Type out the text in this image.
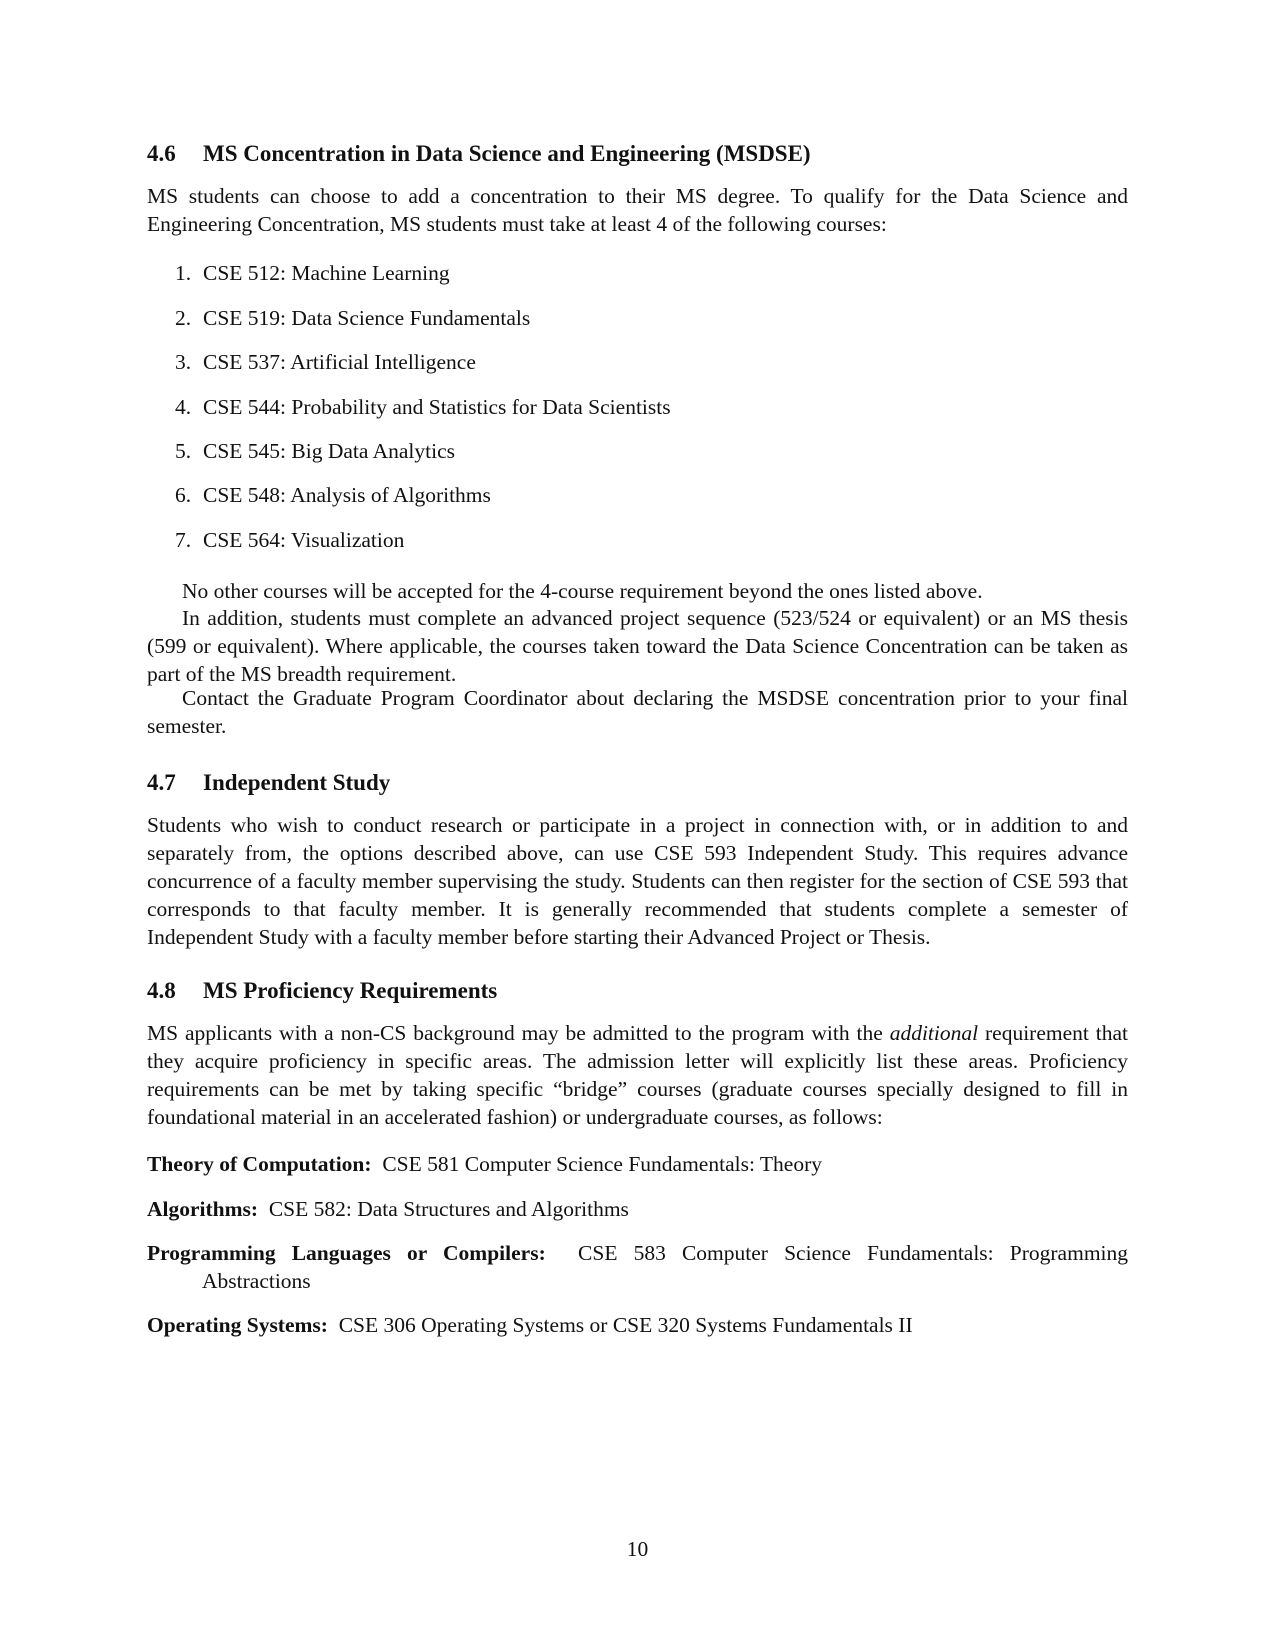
4.6 MS Concentration in Data Science and Engineering (MSDSE)

MS students can choose to add a concentration to their MS degree. To qualify for the Data Science and Engineering Concentration, MS students must take at least 4 of the following courses:

1. CSE 512: Machine Learning
2. CSE 519: Data Science Fundamentals
3. CSE 537: Artificial Intelligence
4. CSE 544: Probability and Statistics for Data Scientists
5. CSE 545: Big Data Analytics
6. CSE 548: Analysis of Algorithms
7. CSE 564: Visualization

No other courses will be accepted for the 4-course requirement beyond the ones listed above.

In addition, students must complete an advanced project sequence (523/524 or equivalent) or an MS thesis (599 or equivalent). Where applicable, the courses taken toward the Data Science Concentration can be taken as part of the MS breadth requirement.

Contact the Graduate Program Coordinator about declaring the MSDSE concentration prior to your final semester.

4.7 Independent Study

Students who wish to conduct research or participate in a project in connection with, or in addition to and separately from, the options described above, can use CSE 593 Independent Study. This requires advance concurrence of a faculty member supervising the study. Students can then register for the section of CSE 593 that corresponds to that faculty member. It is generally recommended that students complete a semester of Independent Study with a faculty member before starting their Advanced Project or Thesis.

4.8 MS Proficiency Requirements

MS applicants with a non-CS background may be admitted to the program with the additional requirement that they acquire proficiency in specific areas. The admission letter will explicitly list these areas. Proficiency requirements can be met by taking specific “bridge” courses (graduate courses specially designed to fill in foundational material in an accelerated fashion) or undergraduate courses, as follows:

Theory of Computation: CSE 581 Computer Science Fundamentals: Theory
Algorithms: CSE 582: Data Structures and Algorithms
Programming Languages or Compilers: CSE 583 Computer Science Fundamentals: Programming Abstractions
Operating Systems: CSE 306 Operating Systems or CSE 320 Systems Fundamentals II
10
